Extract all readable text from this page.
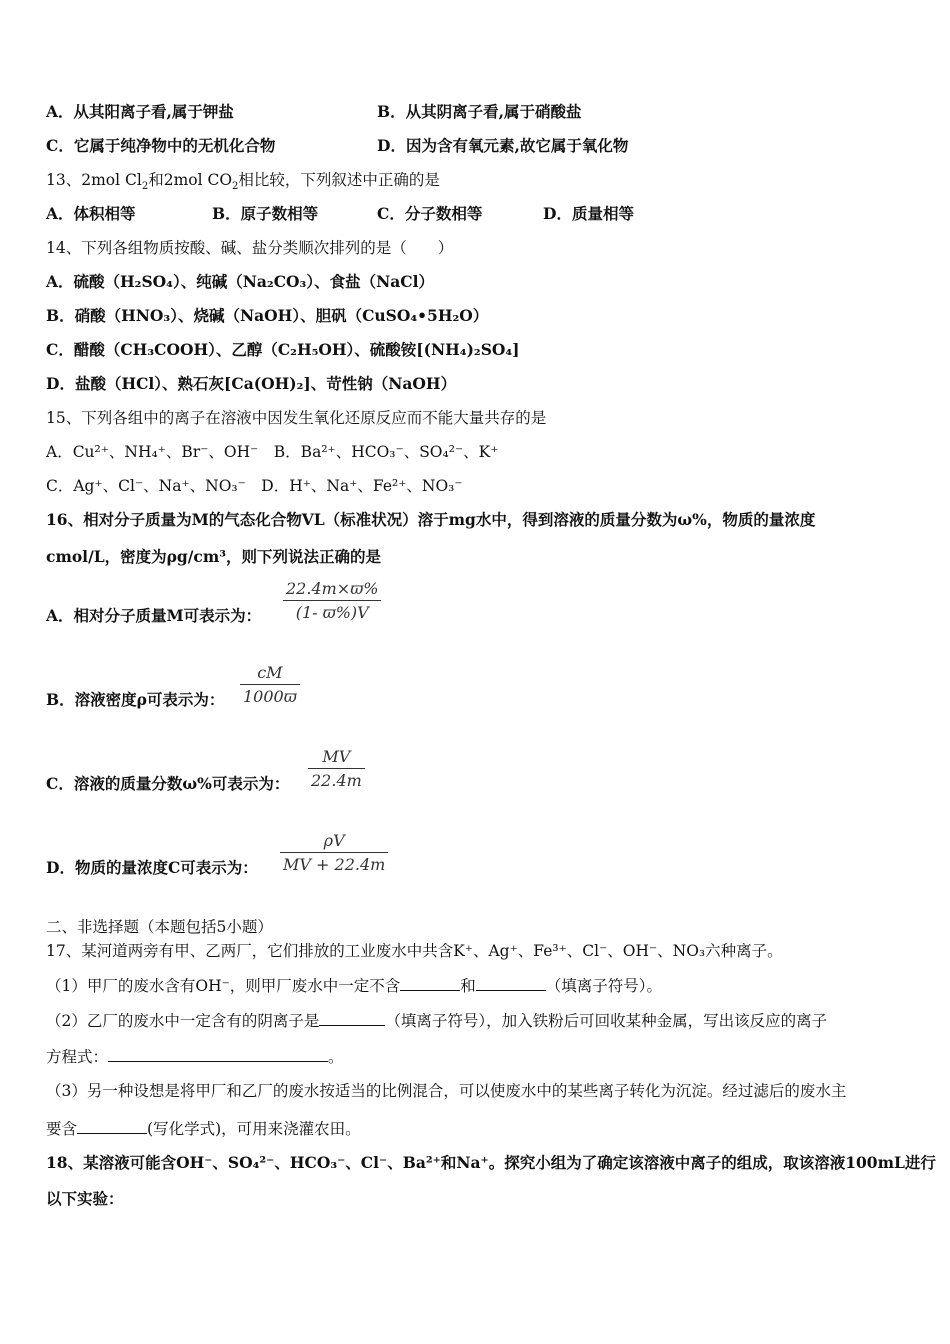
A．从其阳离子看,属于钾盐	B．从其阴离子看,属于硝酸盐
C．它属于纯净物中的无机化合物	D．因为含有氧元素,故它属于氧化物
13、2mol $Cl_2$和2mol $CO_2$相比较，下列叙述中正确的是
A．体积相等	B．原子数相等	C．分子数相等	D．质量相等
14、下列各组物质按酸、碱、盐分类顺次排列的是（　　）
A．硫酸（H₂SO₄）、纯碱（Na₂CO₃）、食盐（NaCl）
B．硝酸（HNO₃）、烧碱（NaOH）、胆矾（CuSO₄•5H₂O）
C．醋酸（CH₃COOH）、乙醇（C₂H₅OH）、硫酸铵[(NH₄)₂SO₄]
D．盐酸（HCl）、熟石灰[Ca(OH)₂]、苛性钠（NaOH）
15、下列各组中的离子在溶液中因发生氧化还原反应而不能大量共存的是
A．Cu²⁺、NH₄⁺、Br⁻、OH⁻　B．Ba²⁺、HCO₃⁻、SO₄²⁻、K⁺
C．Ag⁺、Cl⁻、Na⁺、NO₃⁻　D．H⁺、Na⁺、Fe²⁺、NO₃⁻
16、相对分子质量为M的气态化合物VL（标准状况）溶于mg水中，得到溶液的质量分数为ω%，物质的量浓度
cmol/L，密度为ρg/cm³，则下列说法正确的是
A．相对分子质量M可表示为：
22.4m×ϖ%
(1- ϖ%)V
B．溶液密度ρ可表示为：
cM
1000ϖ
C．溶液的质量分数ω%可表示为：
MV
22.4m
D．物质的量浓度C可表示为：
ρV
MV + 22.4m
二、非选择题（本题包括5小题）
17、某河道两旁有甲、乙两厂，它们排放的工业废水中共含K⁺、Ag⁺、Fe³⁺、Cl⁻、OH⁻、NO₃六种离子。
（1）甲厂的废水含有OH⁻，则甲厂废水中一定不含	和	（填离子符号）。
（2）乙厂的废水中一定含有的阴离子是	（填离子符号），加入铁粉后可回收某种金属，写出该反应的离子
方程式：	。
（3）另一种设想是将甲厂和乙厂的废水按适当的比例混合，可以使废水中的某些离子转化为沉淀。经过滤后的废水主
要含	(写化学式)，可用来浇灌农田。
18、某溶液可能含OH⁻、SO₄²⁻、HCO₃⁻、Cl⁻、Ba²⁺和Na⁺。探究小组为了确定该溶液中离子的组成，取该溶液100mL进行
以下实验：
